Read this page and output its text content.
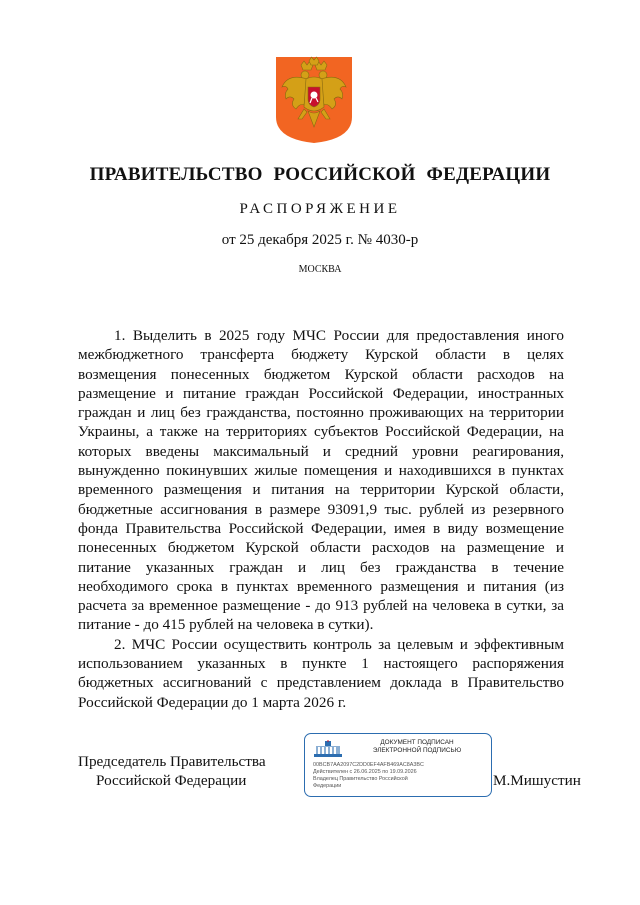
ПРАВИТЕЛЬСТВО РОССИЙСКОЙ ФЕДЕРАЦИИ
РАСПОРЯЖЕНИЕ
от 25 декабря 2025 г. № 4030-р
МОСКВА

1. Выделить в 2025 году МЧС России для предоставления иного межбюджетного трансферта бюджету Курской области в целях возмещения понесенных бюджетом Курской области расходов на размещение и питание граждан Российской Федерации, иностранных граждан и лиц без гражданства, постоянно проживающих на территории Украины, а также на территориях субъектов Российской Федерации, на которых введены максимальный и средний уровни реагирования, вынужденно покинувших жилые помещения и находившихся в пунктах временного размещения и питания на территории Курской области, бюджетные ассигнования в размере 93091,9 тыс. рублей из резервного фонда Правительства Российской Федерации, имея в виду возмещение понесенных бюджетом Курской области расходов на размещение и питание указанных граждан и лиц без гражданства в течение необходимого срока в пунктах временного размещения и питания (из расчета за временное размещение - до 913 рублей на человека в сутки, за питание - до 415 рублей на человека в сутки).

2. МЧС России осуществить контроль за целевым и эффективным использованием указанных в пункте 1 настоящего распоряжения бюджетных ассигнований с представлением доклада в Правительство Российской Федерации до 1 марта 2026 г.

Председатель Правительства
Российской Федерации
ДОКУМЕНТ ПОДПИСАН
ЭЛЕКТРОННОЙ ПОДПИСЬЮ
00BCB7AA2097C2DD0EF4AFB469AC8A3BC
Действителен с 26.06.2025 по 19.09.2026
Владелец Правительство Российской
Федерации	М.Мишустин
